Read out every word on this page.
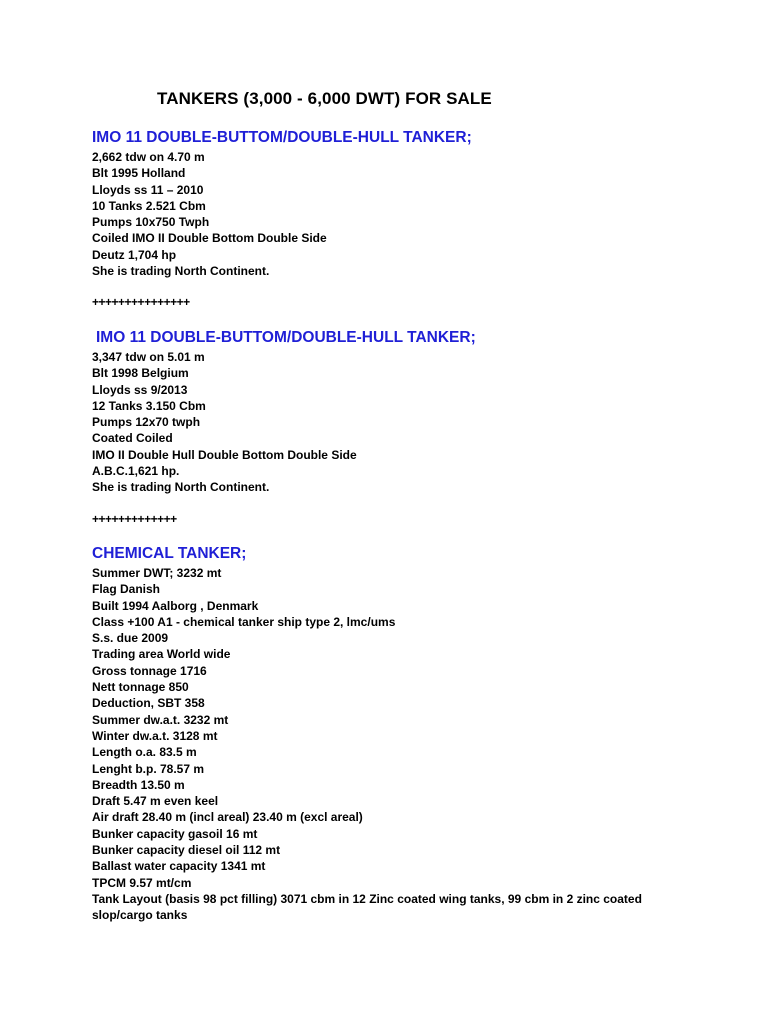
TANKERS (3,000 - 6,000 DWT) FOR SALE
IMO 11 DOUBLE-BUTTOM/DOUBLE-HULL TANKER;
2,662 tdw on 4.70 m
Blt 1995 Holland
Lloyds ss 11 – 2010
10 Tanks 2.521 Cbm
Pumps 10x750 Twph
Coiled IMO II Double Bottom Double Side
Deutz 1,704 hp
She is trading North Continent.
+++++++++++++++
IMO 11 DOUBLE-BUTTOM/DOUBLE-HULL TANKER;
3,347 tdw on 5.01 m
Blt 1998 Belgium
Lloyds ss 9/2013
12 Tanks 3.150 Cbm
Pumps 12x70 twph
Coated Coiled
IMO II Double Hull Double Bottom Double Side
A.B.C.1,621 hp.
She is trading North Continent.
+++++++++++++
CHEMICAL TANKER;
Summer DWT; 3232 mt
Flag Danish
Built 1994 Aalborg , Denmark
Class +100 A1 - chemical tanker ship type 2, lmc/ums
S.s. due 2009
Trading area World wide
Gross tonnage 1716
Nett tonnage 850
Deduction, SBT 358
Summer dw.a.t. 3232 mt
Winter dw.a.t. 3128 mt
Length o.a. 83.5 m
Lenght b.p. 78.57 m
Breadth 13.50 m
Draft 5.47 m even keel
Air draft 28.40 m (incl areal) 23.40 m (excl areal)
Bunker capacity gasoil 16 mt
Bunker capacity diesel oil 112 mt
Ballast water capacity 1341 mt
TPCM 9.57 mt/cm
Tank Layout (basis 98 pct filling) 3071 cbm in 12 Zinc coated wing tanks, 99 cbm in 2 zinc coated slop/cargo tanks
